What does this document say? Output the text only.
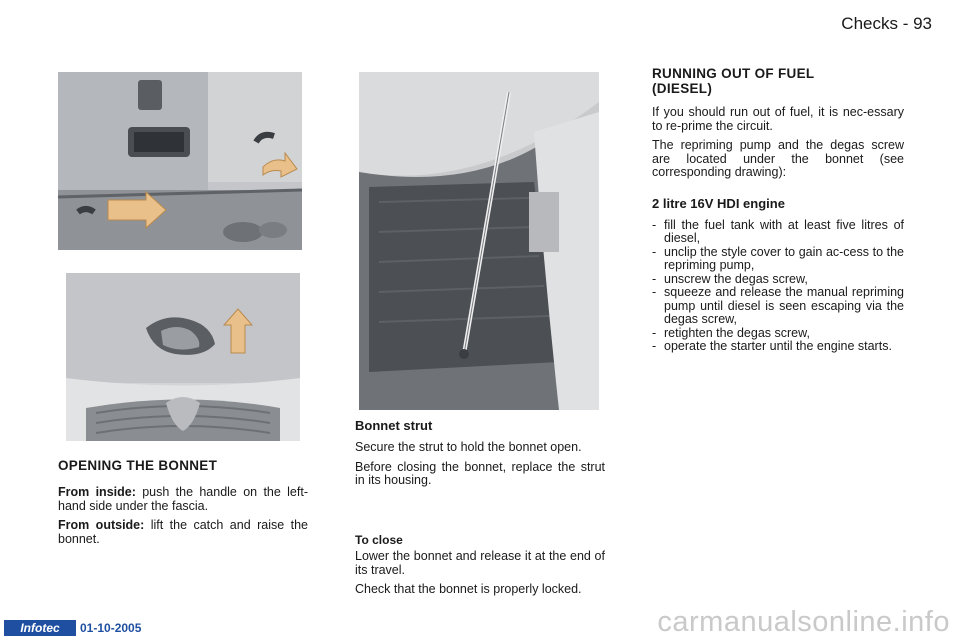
Checks - 93
OPENING THE BONNET

From inside: push the handle on the left-hand side under the fascia.

From outside: lift the catch and raise the bonnet.

Bonnet strut

Secure the strut to hold the bonnet open.

Before closing the bonnet, replace the strut in its housing.

To close

Lower the bonnet and release it at the end of its travel.

Check that the bonnet is properly locked.

RUNNING OUT OF FUEL
(DIESEL)

If you should run out of fuel, it is nec-essary to re-prime the circuit.

The repriming pump and the degas screw are located under the bonnet (see corresponding drawing):

2 litre 16V HDI engine
- fill the fuel tank with at least five litres of diesel,
- unclip the style cover to gain ac-cess to the repriming pump,
- unscrew the degas screw,
- squeeze and release the manual repriming pump until diesel is seen escaping via the degas screw,
- retighten the degas screw,
- operate the starter until the engine starts.
Infotec	01-10-2005	carmanualsonline.info
